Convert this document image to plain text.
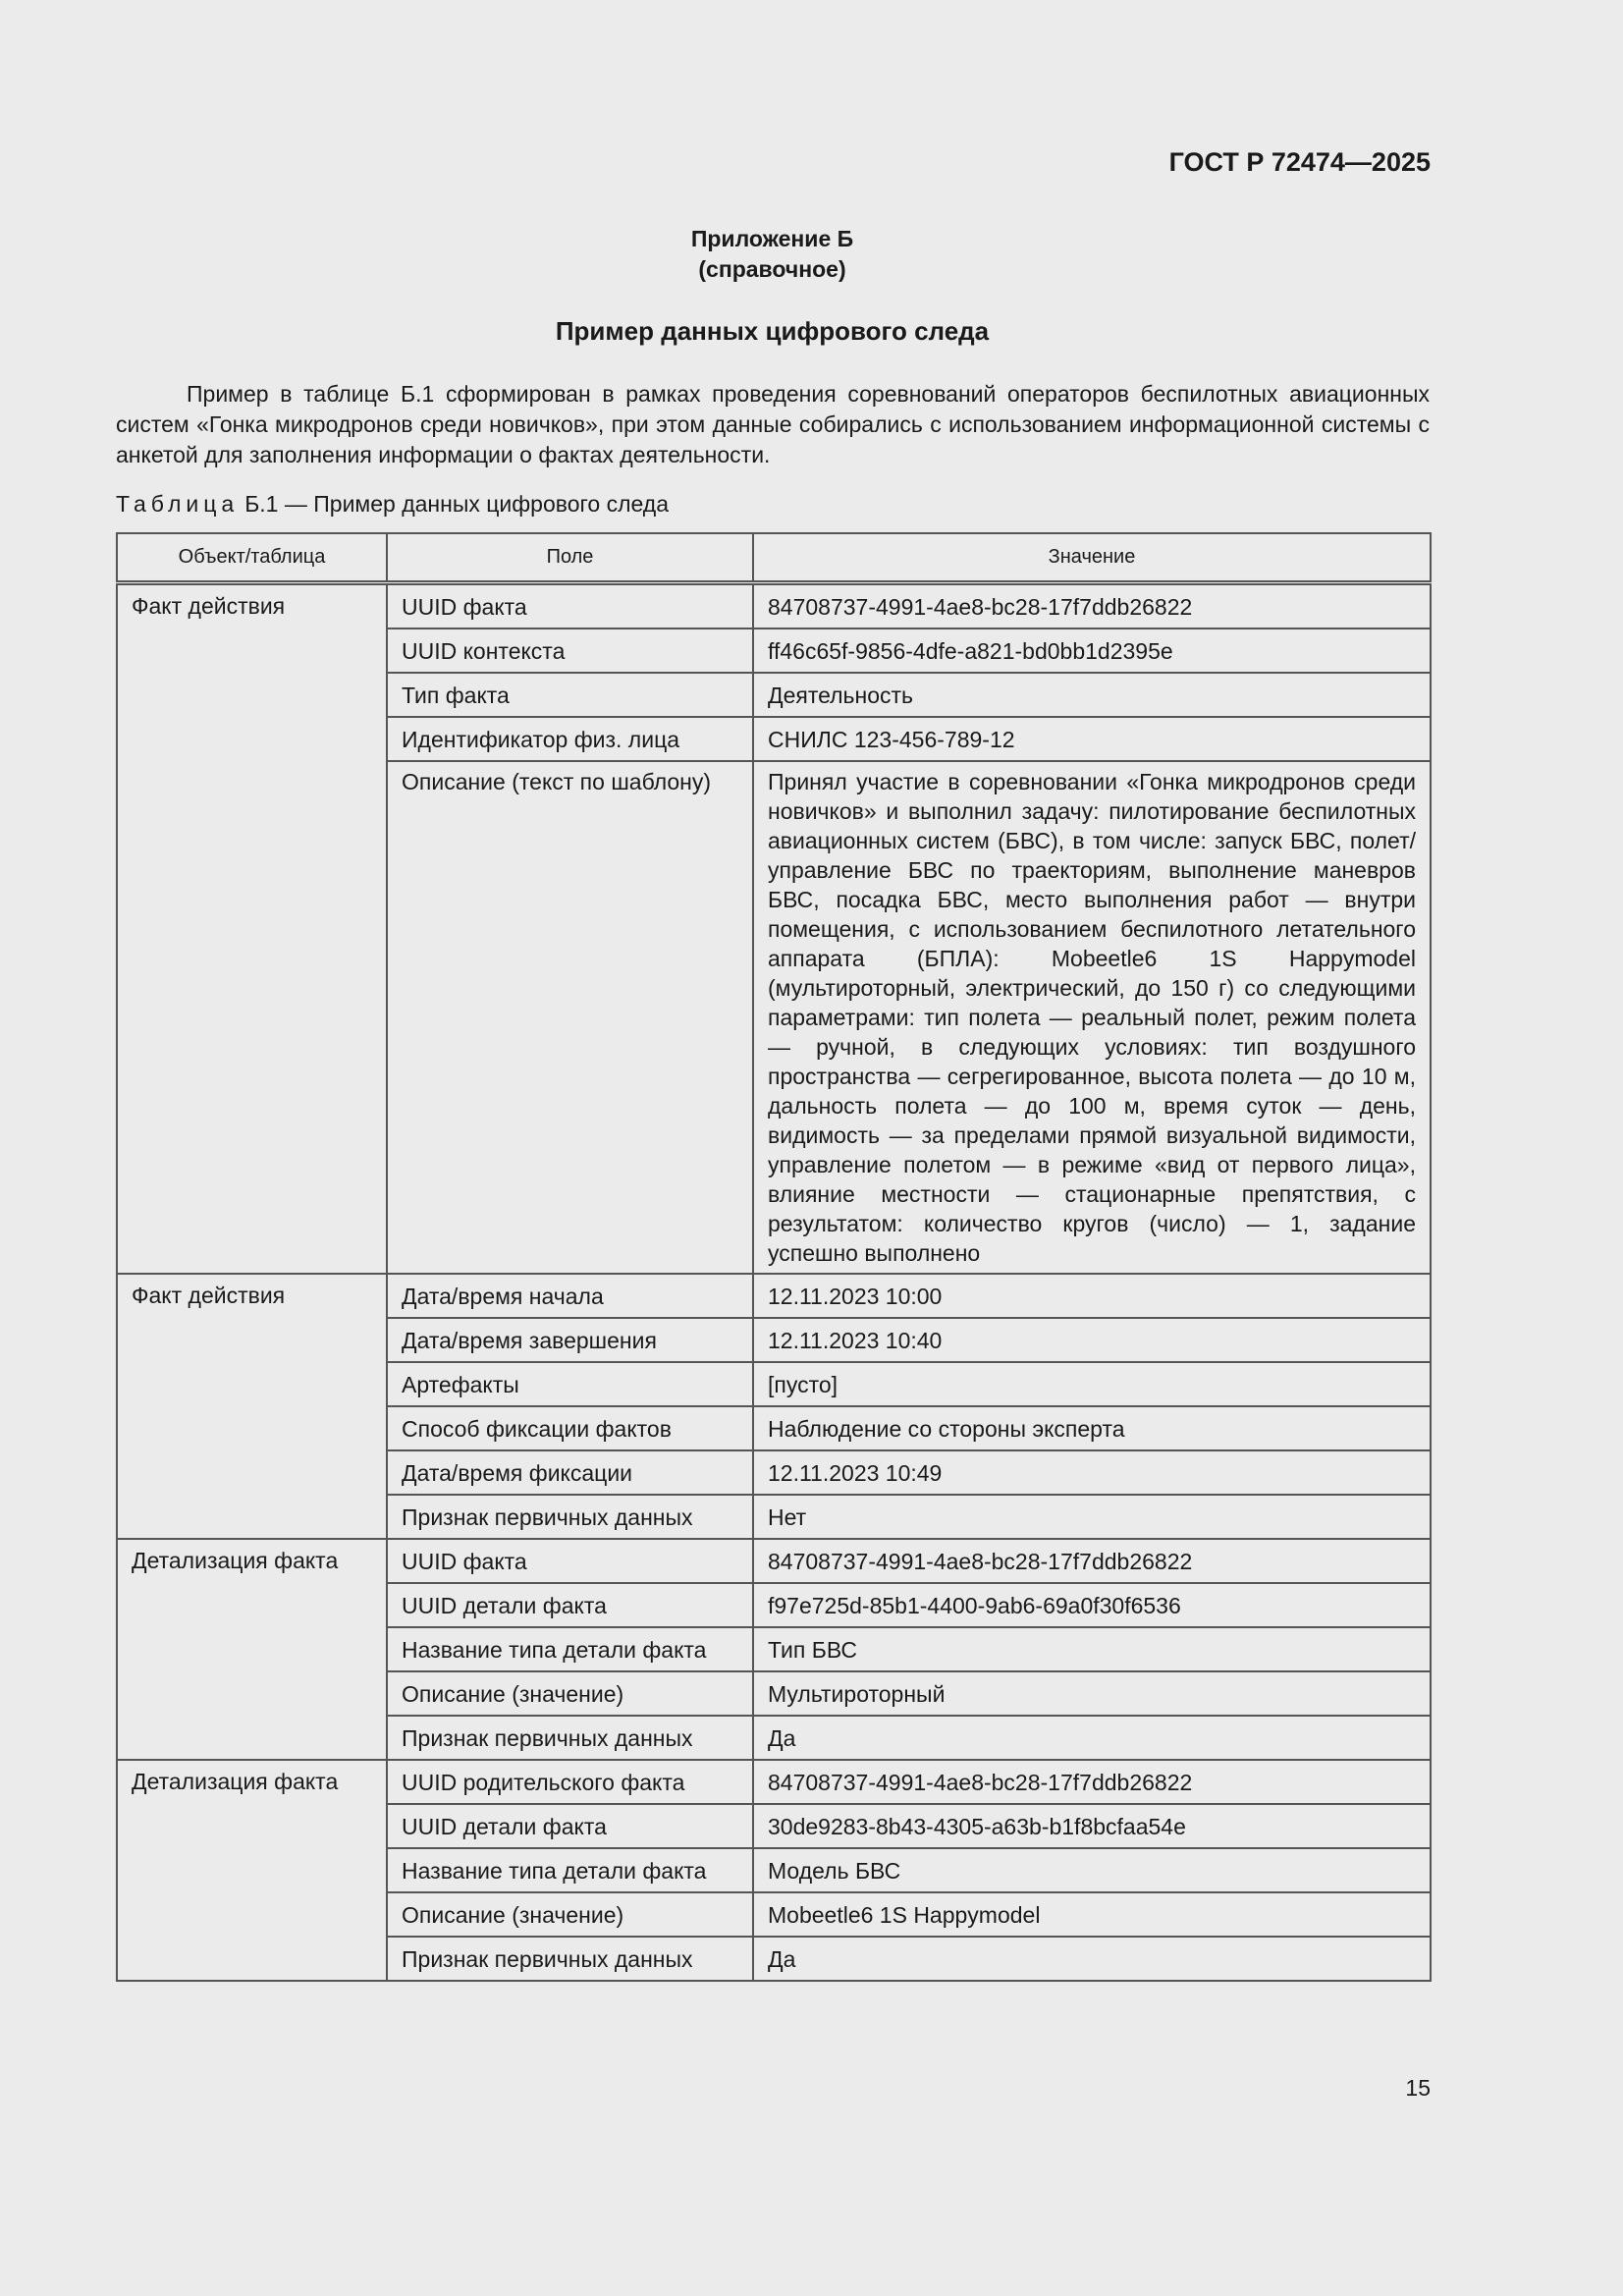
ГОСТ Р 72474—2025

Приложение Б
(справочное)

Пример данных цифрового следа

Пример в таблице Б.1 сформирован в рамках проведения соревнований операторов беспилотных авиационных систем «Гонка микродронов среди новичков», при этом данные собирались с использованием информационной системы с анкетой для заполнения информации о фактах деятельности.

Таблица Б.1 — Пример данных цифрового следа

Объект/таблица	Поле	Значение
Факт действия	UUID факта	84708737-4991-4ae8-bc28-17f7ddb26822
	UUID контекста	ff46c65f-9856-4dfe-a821-bd0bb1d2395e
	Тип факта	Деятельность
	Идентификатор физ. лица	СНИЛС 123-456-789-12
	Описание (текст по шаблону)	Принял участие в соревновании «Гонка микродронов среди новичков» и выполнил задачу: пилотирование беспилотных авиационных систем (БВС), в том числе: запуск БВС, полет/управление БВС по траекториям, выполнение маневров БВС, посадка БВС, место выполнения работ — внутри помещения, с использованием беспилотного летательного аппарата (БПЛА): Mobeetle6 1S Happymodel (мультироторный, электрический, до 150 г) со следующими параметрами: тип полета — реальный полет, режим полета — ручной, в следующих условиях: тип воздушного пространства — сегрегированное, высота полета — до 10 м, дальность полета — до 100 м, время суток — день, видимость — за пределами прямой визуальной видимости, управление полетом — в режиме «вид от первого лица», влияние местности — стационарные препятствия, с результатом: количество кругов (число) — 1, задание успешно выполнено
Факт действия	Дата/время начала	12.11.2023 10:00
	Дата/время завершения	12.11.2023 10:40
	Артефакты	[пусто]
	Способ фиксации фактов	Наблюдение со стороны эксперта
	Дата/время фиксации	12.11.2023 10:49
	Признак первичных данных	Нет
Детализация факта	UUID факта	84708737-4991-4ae8-bc28-17f7ddb26822
	UUID детали факта	f97e725d-85b1-4400-9ab6-69a0f30f6536
	Название типа детали факта	Тип БВС
	Описание (значение)	Мультироторный
	Признак первичных данных	Да
Детализация факта	UUID родительского факта	84708737-4991-4ae8-bc28-17f7ddb26822
	UUID детали факта	30de9283-8b43-4305-a63b-b1f8bcfaa54e
	Название типа детали факта	Модель БВС
	Описание (значение)	Mobeetle6 1S Happymodel
	Признак первичных данных	Да

15
